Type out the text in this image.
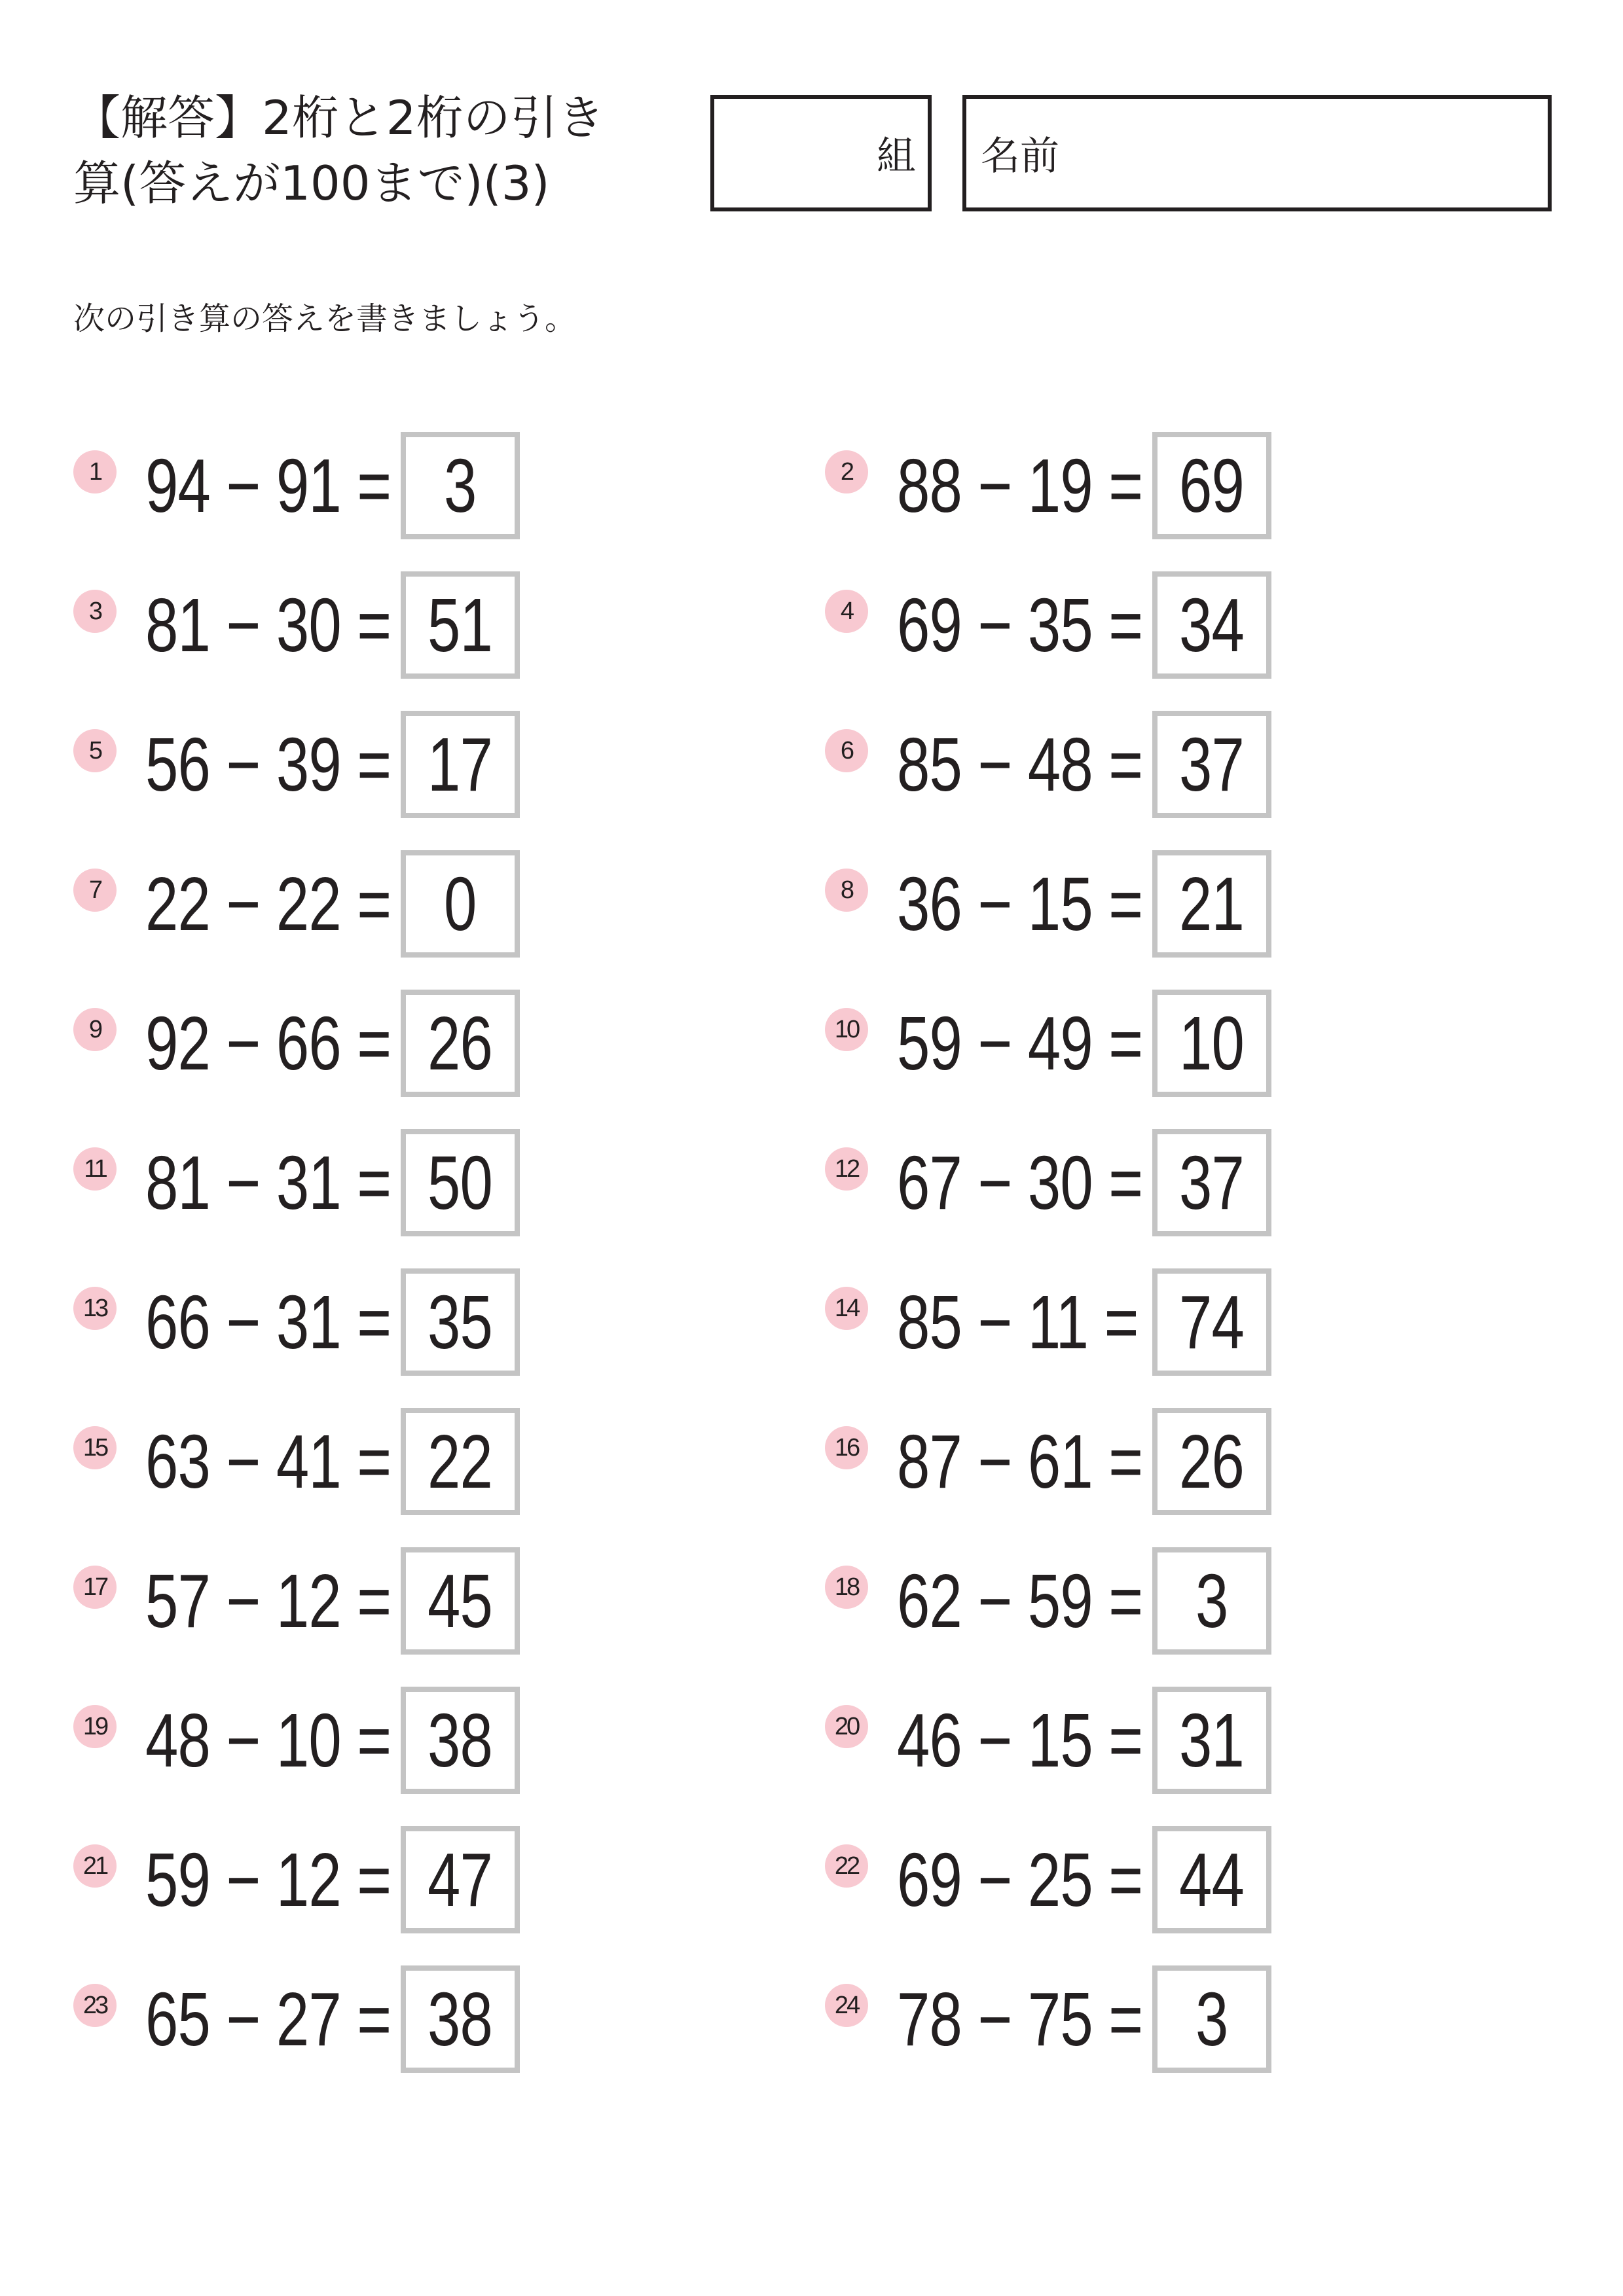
【解答】2桁と2桁の引き
算(答えが100まで)(3)	組 名前

次の引き算の答えを書きましょう。

1 94 − 91 = 3	2 88 − 19 = 69
3 81 − 30 = 51	4 69 − 35 = 34
5 56 − 39 = 17	6 85 − 48 = 37
7 22 − 22 = 0	8 36 − 15 = 21
9 92 − 66 = 26	10 59 − 49 = 10
11 81 − 31 = 50	12 67 − 30 = 37
13 66 − 31 = 35	14 85 − 11 = 74
15 63 − 41 = 22	16 87 − 61 = 26
17 57 − 12 = 45	18 62 − 59 = 3
19 48 − 10 = 38	20 46 − 15 = 31
21 59 − 12 = 47	22 69 − 25 = 44
23 65 − 27 = 38	24 78 − 75 = 3
